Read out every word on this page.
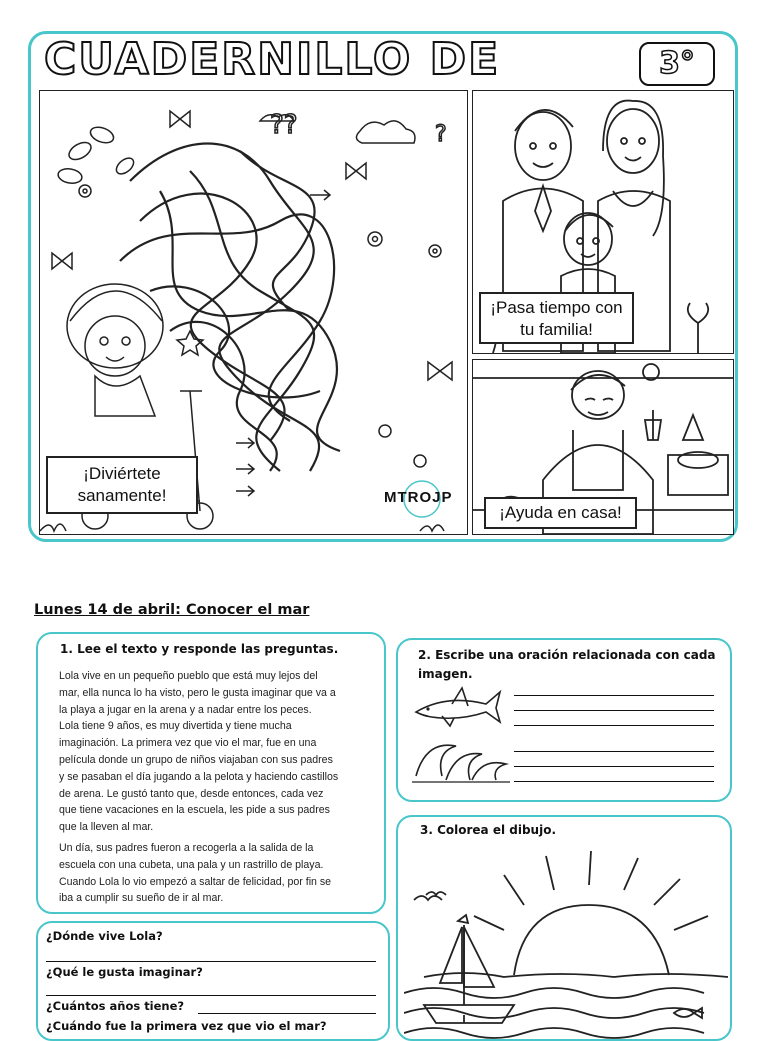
CUADERNILLO DE	3°
??	?
¡Diviértete sanamente!	MTROJP
¡Pasa tiempo con tu familia!
¡Ayuda en casa!
Lunes 14 de abril: Conocer el mar
1. Lee el texto y responde las preguntas.
Lola vive en un pequeño pueblo que está muy lejos del
mar, ella nunca lo ha visto, pero le gusta imaginar que va a
la playa a jugar en la arena y a nadar entre los peces.
Lola tiene 9 años, es muy divertida y tiene mucha
imaginación. La primera vez que vio el mar, fue en una
película donde un grupo de niños viajaban con sus padres
y se pasaban el día jugando a la pelota y haciendo castillos
de arena. Le gustó tanto que, desde entonces, cada vez
que tiene vacaciones en la escuela, les pide a sus padres
que la lleven al mar.
Un día, sus padres fueron a recogerla a la salida de la
escuela con una cubeta, una pala y un rastrillo de playa.
Cuando Lola lo vio empezó a saltar de felicidad, por fin se
iba a cumplir su sueño de ir al mar.
¿Dónde vive Lola?
¿Qué le gusta imaginar?
¿Cuántos años tiene?
¿Cuándo fue la primera vez que vio el mar?
2. Escribe una oración relacionada con cada
imagen.
3. Colorea el dibujo.
